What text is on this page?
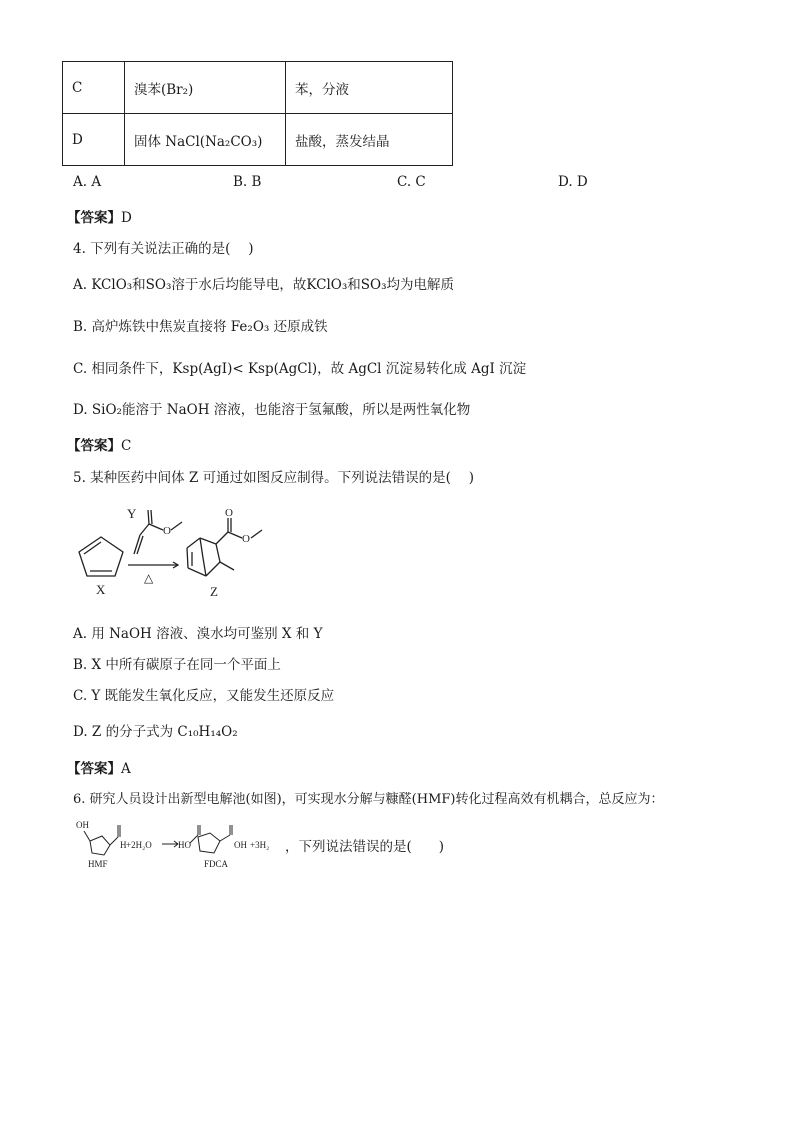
C	溴苯(Br₂)	苯，分液
D	固体 NaCl(Na₂CO₃)	盐酸，蒸发结晶
A. A	B. B	C. C	D. D
【答案】D
4. 下列有关说法正确的是(　 )
A. KClO₃和SO₃溶于水后均能导电，故KClO₃和SO₃均为电解质
B. 高炉炼铁中焦炭直接将 Fe₂O₃ 还原成铁
C. 相同条件下，Ksp(AgI)< Ksp(AgCl)，故 AgCl 沉淀易转化成 AgI 沉淀
D. SiO₂能溶于 NaOH 溶液，也能溶于氢氟酸，所以是两性氧化物
【答案】C
5. 某种医药中间体 Z 可通过如图反应制得。下列说法错误的是(　 )
X
Y
O
△
O
O
Z
A. 用 NaOH 溶液、溴水均可鉴别 X 和 Y
B. X 中所有碳原子在同一个平面上
C. Y 既能发生氧化反应，又能发生还原反应
D. Z 的分子式为 C₁₀H₁₄O₂
【答案】A
6. 研究人员设计出新型电解池(如图)，可实现水分解与糠醛(HMF)转化过程高效有机耦合，总反应为：
OH
H +2H₂O
HMF
HO	OH +3H₂
FDCA
，下列说法错误的是(　　)
